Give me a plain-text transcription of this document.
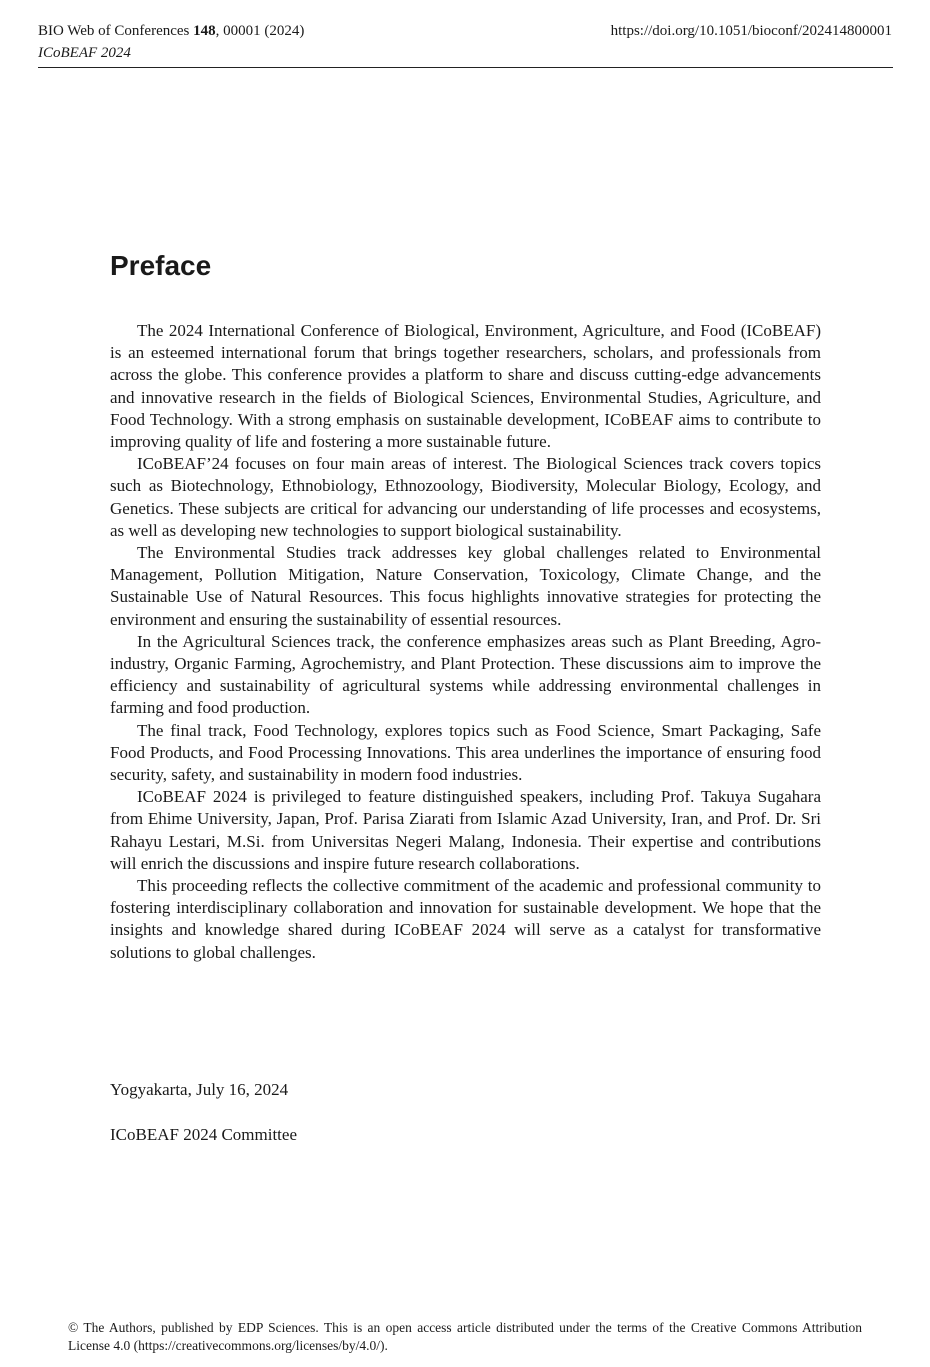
BIO Web of Conferences 148, 00001 (2024)
ICoBEAF 2024
https://doi.org/10.1051/bioconf/202414800001
Preface

The 2024 International Conference of Biological, Environment, Agriculture, and Food (ICoBEAF) is an esteemed international forum that brings together researchers, scholars, and professionals from across the globe. This conference provides a platform to share and discuss cutting-edge advancements and innovative research in the fields of Biological Sciences, Environmental Studies, Agriculture, and Food Technology. With a strong emphasis on sustainable development, ICoBEAF aims to contribute to improving quality of life and fostering a more sustainable future.

ICoBEAF’24 focuses on four main areas of interest. The Biological Sciences track covers topics such as Biotechnology, Ethnobiology, Ethnozoology, Biodiversity, Molecular Biology, Ecology, and Genetics. These subjects are critical for advancing our understanding of life processes and ecosystems, as well as developing new technologies to support biological sustainability.

The Environmental Studies track addresses key global challenges related to Environmental Management, Pollution Mitigation, Nature Conservation, Toxicology, Climate Change, and the Sustainable Use of Natural Resources. This focus highlights innovative strategies for protecting the environment and ensuring the sustainability of essential resources.

In the Agricultural Sciences track, the conference emphasizes areas such as Plant Breeding, Agro-industry, Organic Farming, Agrochemistry, and Plant Protection. These discussions aim to improve the efficiency and sustainability of agricultural systems while addressing environmental challenges in farming and food production.

The final track, Food Technology, explores topics such as Food Science, Smart Packaging, Safe Food Products, and Food Processing Innovations. This area underlines the importance of ensuring food security, safety, and sustainability in modern food industries.

ICoBEAF 2024 is privileged to feature distinguished speakers, including Prof. Takuya Sugahara from Ehime University, Japan, Prof. Parisa Ziarati from Islamic Azad University, Iran, and Prof. Dr. Sri Rahayu Lestari, M.Si. from Universitas Negeri Malang, Indonesia. Their expertise and contributions will enrich the discussions and inspire future research collaborations.

This proceeding reflects the collective commitment of the academic and professional community to fostering interdisciplinary collaboration and innovation for sustainable development. We hope that the insights and knowledge shared during ICoBEAF 2024 will serve as a catalyst for transformative solutions to global challenges.

Yogyakarta, July 16, 2024

ICoBEAF 2024 Committee

© The Authors, published by EDP Sciences. This is an open access article distributed under the terms of the Creative Commons Attribution License 4.0 (https://creativecommons.org/licenses/by/4.0/).
